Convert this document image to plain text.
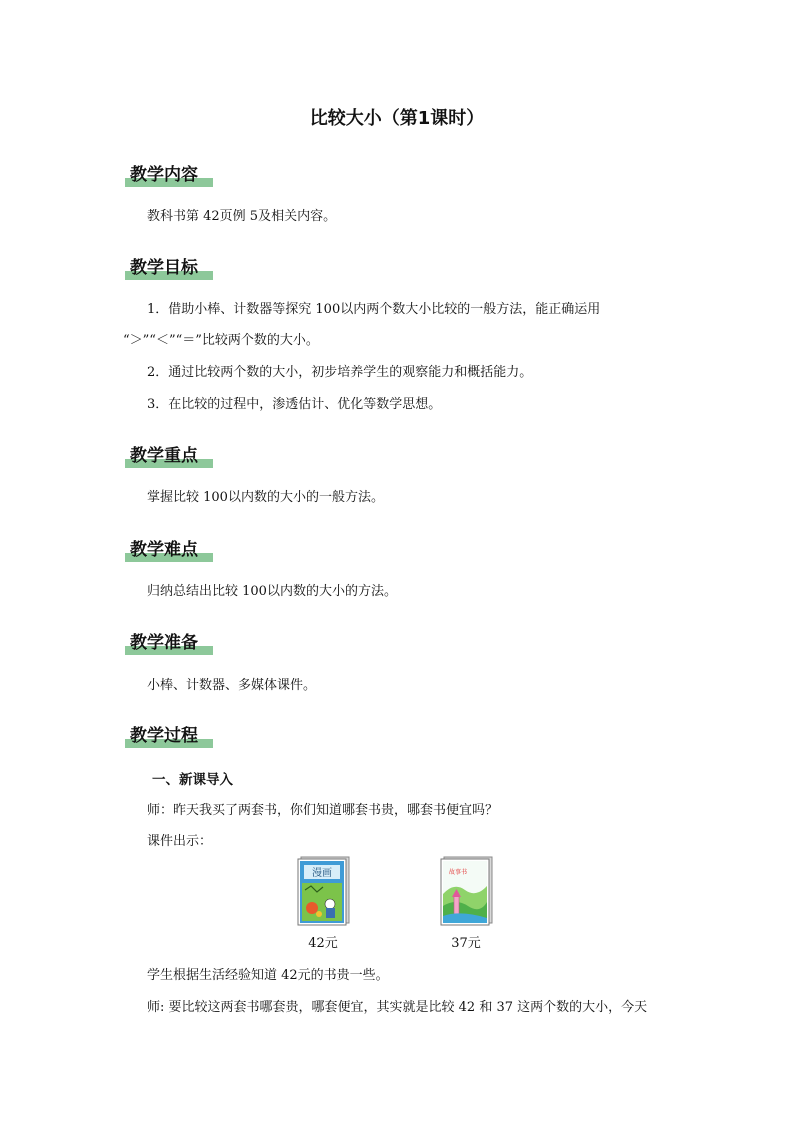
比较大小（第1课时）
教学内容
教科书第 42页例 5及相关内容。
教学目标
1．借助小棒、计数器等探究 100以内两个数大小比较的一般方法，能正确运用
“＞”“＜”“＝”比较两个数的大小。
2．通过比较两个数的大小，初步培养学生的观察能力和概括能力。
3．在比较的过程中，渗透估计、优化等数学思想。
教学重点
掌握比较 100以内数的大小的一般方法。
教学难点
归纳总结出比较 100以内数的大小的方法。
教学准备
小棒、计数器、多媒体课件。
教学过程
一、新课导入
师：昨天我买了两套书，你们知道哪套书贵，哪套书便宜吗？
课件出示：
漫画
42元
故事书
37元
学生根据生活经验知道 42元的书贵一些。
师: 要比较这两套书哪套贵，哪套便宜，其实就是比较 42 和 37 这两个数的大小，今天
